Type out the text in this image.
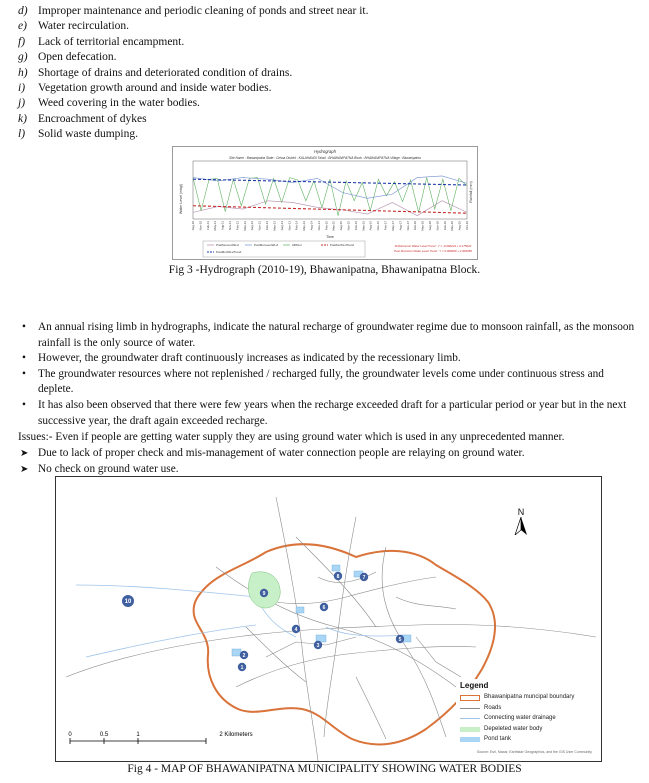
d) Improper maintenance and periodic cleaning of ponds and street near it.
e) Water recirculation.
f) Lack of territorial encampment.
g) Open defecation.
h) Shortage of drains and deteriorated condition of drains.
i) Vegetation growth around and inside water bodies.
j) Weed covering in the water bodies.
k) Encroachment of dykes
l) Solid waste dumping.
Hydrograph
Site Name : Bawanipatna State : Orissa District : KALAHANDI Tahsil : BHAWANIPATNA Block : BHAWANIPATNA Village : Bawanipatna
Water Level (mbgl)	Rainfall (mm)
Time
Aug-10 Nov-10 Feb-11 May-11 Aug-11 Nov-11 Feb-12 May-12 Aug-12 Nov-12 Feb-13 May-13 Aug-13 Nov-13 Feb-14 May-14 Aug-14 Nov-14 Feb-15 May-15 Aug-15 Nov-15 Feb-16 May-16 Aug-16 Nov-16 Feb-17 May-17 Aug-17 Nov-17 Feb-18 May-18 Aug-18 Nov-18 Feb-19 May-19 Aug-19 Oct-19
PreMonsoonWLvl	PostMonsoonWLvl	AllWLvl	PreMonWLvlTrend
PostMonWLvlTrend
PreMonsoon Water Level Trend : Y = -0.000224 + 6.175022
Post Monsoon Water Level Trend : Y = 0.000000 + 2.903456
Fig 3 -Hydrograph (2010-19), Bhawanipatna, Bhawanipatna Block.
• An annual rising limb in hydrographs, indicate the natural recharge of groundwater regime due to monsoon rainfall, as the monsoon rainfall is the only source of water.
• However, the groundwater draft continuously increases as indicated by the recessionary limb.
• The groundwater resources where not replenished / recharged fully, the groundwater levels come under continuous stress and deplete.
• It has also been observed that there were few years when the recharge exceeded draft for a particular period or year but in the next successive year, the draft again exceeded recharge.
Issues:- Even if people are getting water supply they are using ground water which is used in any unprecedented manner.
➤ Due to lack of proper check and mis-management of water connection people are relaying on ground water.
➤ No check on ground water use.
1
2
3
4
5
6
7
8
9
10
0	0.5	1	2 Kilometers
N
Legend
Bhawanipatna muncipal boundary
Roads
Connecting water drainage
Depeleted water body
Pond tank
Source: Esri, Maxar, Earthstar Geographics, and the GIS User Community
Fig 4 - MAP OF BHAWANIPATNA MUNICIPALITY SHOWING WATER BODIES
